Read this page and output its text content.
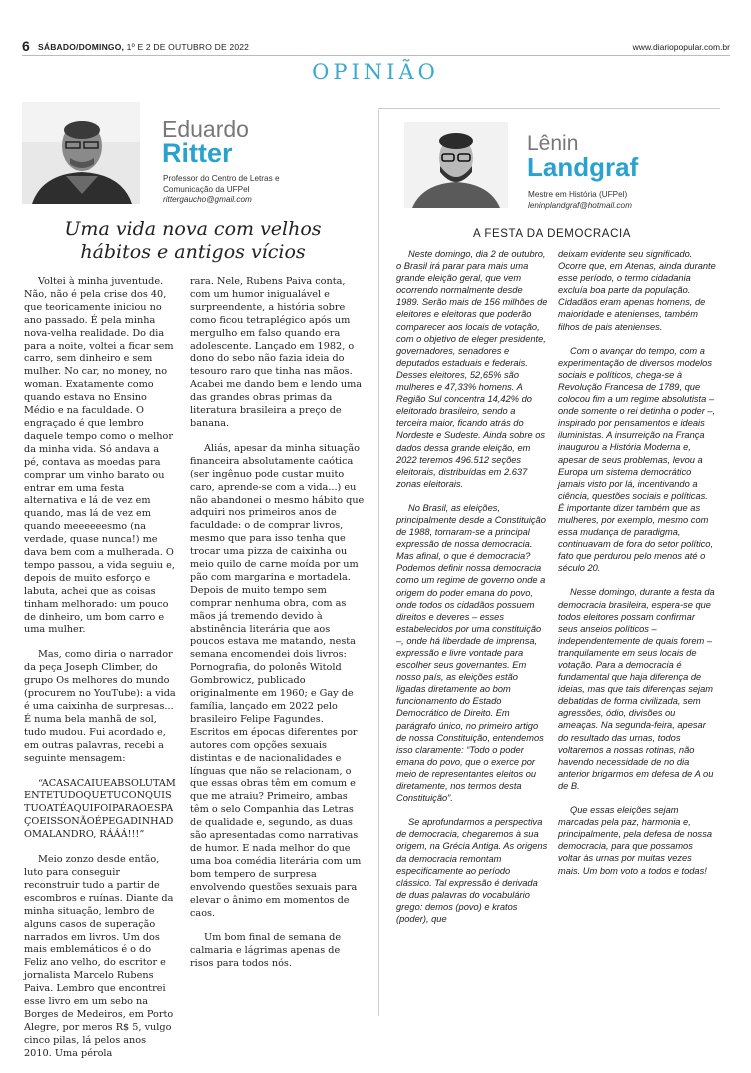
6 SÁBADO/DOMINGO, 1º E 2 DE OUTUBRO DE 2022	www.diariopopular.com.br
OPINIÃO
Eduardo
Ritter
Professor do Centro de Letras e
Comunicação da UFPel
rittergaucho@gmail.com
Uma vida nova com velhos
hábitos e antigos vícios

Voltei à minha juventude. Não, não é pela crise dos 40, que teoricamente iniciou no ano passado. É pela minha nova-velha realidade. Do dia para a noite, voltei a ficar sem carro, sem dinheiro e sem mulher. No car, no money, no woman. Exatamente como quando estava no Ensino Médio e na faculdade. O engraçado é que lembro daquele tempo como o melhor da minha vida. Só andava a pé, contava as moedas para comprar um vinho barato ou entrar em uma festa alternativa e lá de vez em quando, mas lá de vez em quando meeeeeesmo (na verdade, quase nunca!) me dava bem com a mulherada. O tempo passou, a vida seguiu e, depois de muito esforço e labuta, achei que as coisas tinham melhorado: um pouco de dinheiro, um bom carro e uma mulher.

Mas, como diria o narrador da peça Joseph Climber, do grupo Os melhores do mundo (procurem no YouTube): a vida é uma caixinha de surpresas... É numa bela manhã de sol, tudo mudou. Fui acordado e, em outras palavras, recebi a seguinte mensagem:

“ACASACAIUEABSOLUTAMENTETUDOQUETUCONQUISTUOATÉAQUIFOIPARAOESPAÇOEISSONÃOÉPEGADINHADOMALANDRO, RÁÁÁ!!!”

Meio zonzo desde então, luto para conseguir reconstruir tudo a partir de escombros e ruínas. Diante da minha situação, lembro de alguns casos de superação narrados em livros. Um dos mais emblemáticos é o do Feliz ano velho, do escritor e jornalista Marcelo Rubens Paiva. Lembro que encontrei esse livro em um sebo na Borges de Medeiros, em Porto Alegre, por meros R$ 5, vulgo cinco pilas, lá pelos anos 2010. Uma pérola

rara. Nele, Rubens Paiva conta, com um humor inigualável e surpreendente, a história sobre como ficou tetraplégico após um mergulho em falso quando era adolescente. Lançado em 1982, o dono do sebo não fazia ideia do tesouro raro que tinha nas mãos. Acabei me dando bem e lendo uma das grandes obras primas da literatura brasileira a preço de banana.

Aliás, apesar da minha situação financeira absolutamente caótica (ser ingênuo pode custar muito caro, aprende-se com a vida...) eu não abandonei o mesmo hábito que adquiri nos primeiros anos de faculdade: o de comprar livros, mesmo que para isso tenha que trocar uma pizza de caixinha ou meio quilo de carne moída por um pão com margarina e mortadela. Depois de muito tempo sem comprar nenhuma obra, com as mãos já tremendo devido à abstinência literária que aos poucos estava me matando, nesta semana encomendei dois livros: Pornografia, do polonês Witold Gombrowicz, publicado originalmente em 1960; e Gay de família, lançado em 2022 pelo brasileiro Felipe Fagundes. Escritos em épocas diferentes por autores com opções sexuais distintas e de nacionalidades e línguas que não se relacionam, o que essas obras têm em comum e que me atraiu? Primeiro, ambas têm o selo Companhia das Letras de qualidade e, segundo, as duas são apresentadas como narrativas de humor. E nada melhor do que uma boa comédia literária com um bom tempero de surpresa envolvendo questões sexuais para elevar o ânimo em momentos de caos.

Um bom final de semana de calmaria e lágrimas apenas de risos para todos nós.

Lênin
Landgraf
Mestre em História (UFPel)
leninplandgraf@hotmail.com
A FESTA DA DEMOCRACIA

Neste domingo, dia 2 de outubro, o Brasil irá parar para mais uma grande eleição geral, que vem ocorrendo normalmente desde 1989. Serão mais de 156 milhões de eleitores e eleitoras que poderão comparecer aos locais de votação, com o objetivo de eleger presidente, governadores, senadores e deputados estaduais e federais. Desses eleitores, 52,65% são mulheres e 47,33% homens. A Região Sul concentra 14,42% do eleitorado brasileiro, sendo a terceira maior, ficando atrás do Nordeste e Sudeste. Ainda sobre os dados dessa grande eleição, em 2022 teremos 496.512 seções eleitorais, distribuídas em 2.637 zonas eleitorais.

No Brasil, as eleições, principalmente desde a Constituição de 1988, tornaram-se a principal expressão de nossa democracia. Mas afinal, o que é democracia? Podemos definir nossa democracia como um regime de governo onde a origem do poder emana do povo, onde todos os cidadãos possuem direitos e deveres – esses estabelecidos por uma constituição –, onde há liberdade de imprensa, expressão e livre vontade para escolher seus governantes. Em nosso país, as eleições estão ligadas diretamente ao bom funcionamento do Estado Democrático de Direito. Em parágrafo único, no primeiro artigo de nossa Constituição, entendemos isso claramente: “Todo o poder emana do povo, que o exerce por meio de representantes eleitos ou diretamente, nos termos desta Constituição”.

Se aprofundarmos a perspectiva de democracia, chegaremos à sua origem, na Grécia Antiga. As origens da democracia remontam especificamente ao período clássico. Tal expressão é derivada de duas palavras do vocabulário grego: demos (povo) e kratos (poder), que

deixam evidente seu significado. Ocorre que, em Atenas, ainda durante esse período, o termo cidadania excluía boa parte da população. Cidadãos eram apenas homens, de maioridade e atenienses, também filhos de pais atenienses.

Com o avançar do tempo, com a experimentação de diversos modelos sociais e políticos, chega-se à Revolução Francesa de 1789, que colocou fim a um regime absolutista – onde somente o rei detinha o poder –, inspirado por pensamentos e ideais iluministas. A insurreição na França inaugurou a História Moderna e, apesar de seus problemas, levou a Europa um sistema democrático jamais visto por lá, incentivando a ciência, questões sociais e políticas. É importante dizer também que as mulheres, por exemplo, mesmo com essa mudança de paradigma, continuavam de fora do setor político, fato que perdurou pelo menos até o século 20.

Nesse domingo, durante a festa da democracia brasileira, espera-se que todos eleitores possam confirmar seus anseios políticos – independentemente de quais forem – tranquilamente em seus locais de votação. Para a democracia é fundamental que haja diferença de ideias, mas que tais diferenças sejam debatidas de forma civilizada, sem agressões, ódio, divisões ou ameaças. Na segunda-feira, apesar do resultado das urnas, todos voltaremos a nossas rotinas, não havendo necessidade de no dia anterior brigarmos em defesa de A ou de B.

Que essas eleições sejam marcadas pela paz, harmonia e, principalmente, pela defesa de nossa democracia, para que possamos voltar às urnas por muitas vezes mais. Um bom voto a todos e todas!
